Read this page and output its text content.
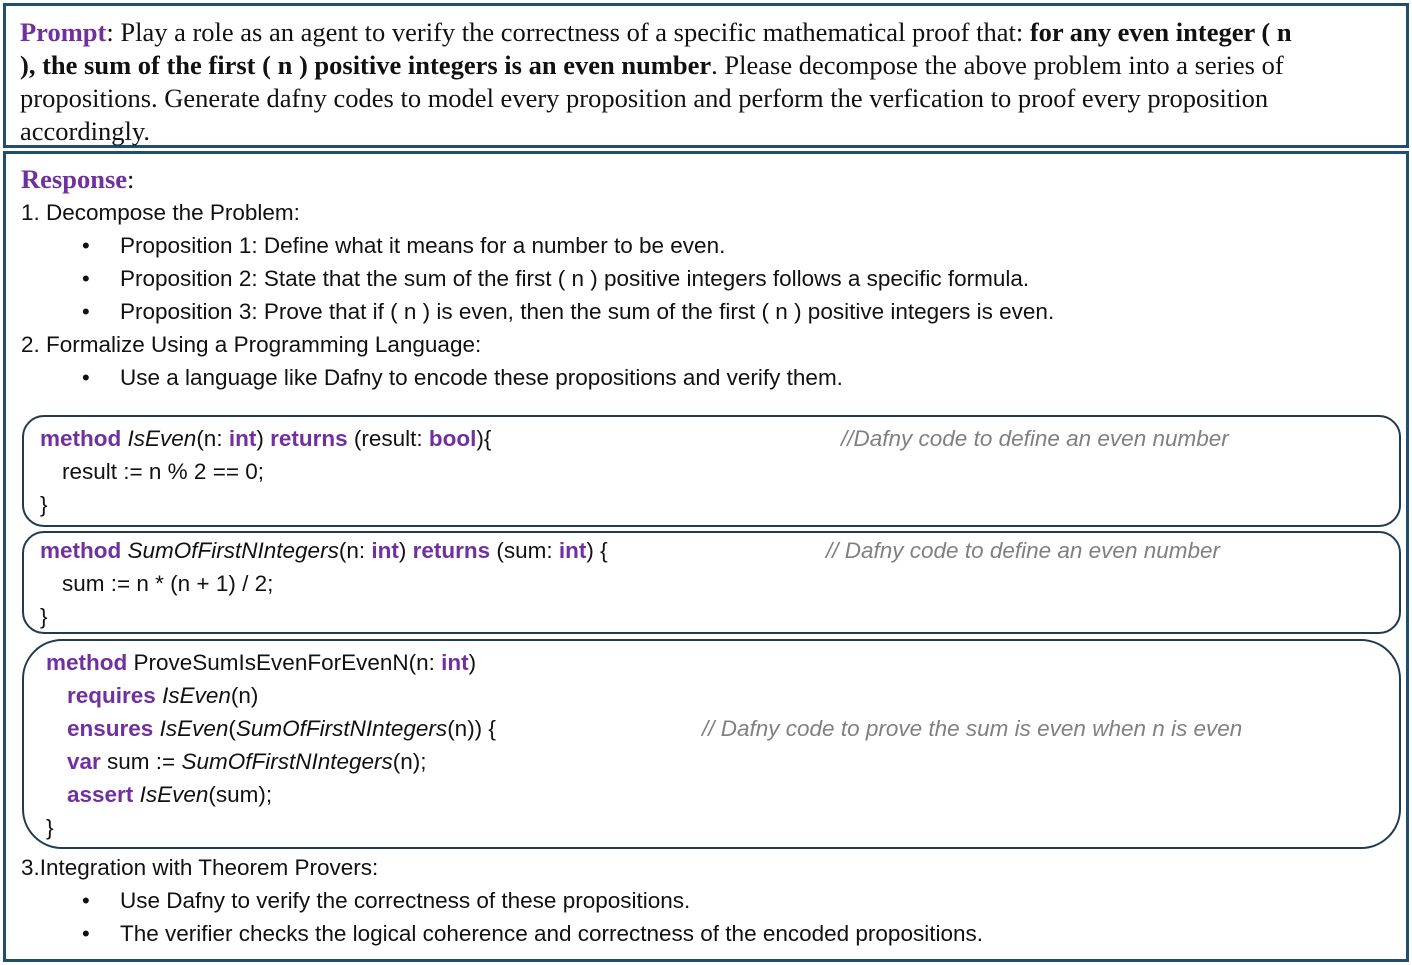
Prompt: Play a role as an agent to verify the correctness of a specific mathematical proof that: for any even integer ( n
), the sum of the first ( n ) positive integers is an even number. Please decompose the above problem into a series of
propositions. Generate dafny codes to model every proposition and perform the verfication to proof every proposition
accordingly.
Response:
1. Decompose the Problem:
• Proposition 1: Define what it means for a number to be even.
• Proposition 2: State that the sum of the first ( n ) positive integers follows a specific formula.
• Proposition 3: Prove that if ( n ) is even, then the sum of the first ( n ) positive integers is even.
2. Formalize Using a Programming Language:
• Use a language like Dafny to encode these propositions and verify them.
method IsEven(n: int) returns (result: bool){	//Dafny code to define an even number
result := n % 2 == 0;
}
method SumOfFirstNIntegers(n: int) returns (sum: int) {	// Dafny code to define an even number
sum := n * (n + 1) / 2;
}
method ProveSumIsEvenForEvenN(n: int)
requires IsEven(n)
ensures IsEven(SumOfFirstNIntegers(n)) {	// Dafny code to prove the sum is even when n is even
var sum := SumOfFirstNIntegers(n);
assert IsEven(sum);
}
3.Integration with Theorem Provers:
• Use Dafny to verify the correctness of these propositions.
• The verifier checks the logical coherence and correctness of the encoded propositions.
